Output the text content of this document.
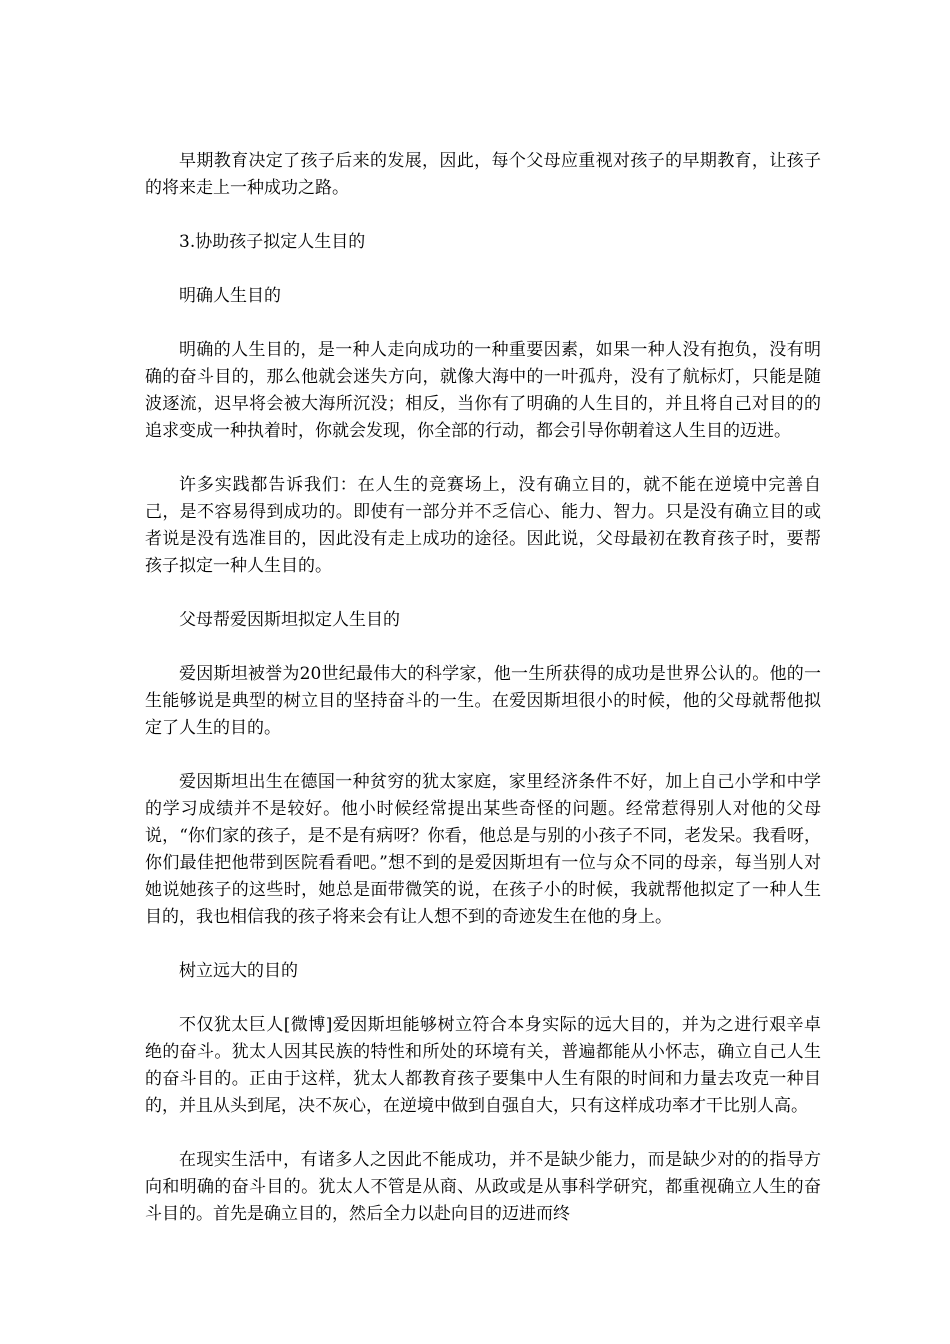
早期教育决定了孩子后来的发展，因此，每个父母应重视对孩子的早期教育，让孩子的将来走上一种成功之路。

3.协助孩子拟定人生目的

明确人生目的

明确的人生目的，是一种人走向成功的一种重要因素，如果一种人没有抱负，没有明确的奋斗目的，那么他就会迷失方向，就像大海中的一叶孤舟，没有了航标灯，只能是随波逐流，迟早将会被大海所沉没；相反，当你有了明确的人生目的，并且将自己对目的的追求变成一种执着时，你就会发现，你全部的行动，都会引导你朝着这人生目的迈进。

许多实践都告诉我们：在人生的竞赛场上，没有确立目的，就不能在逆境中完善自己，是不容易得到成功的。即使有一部分并不乏信心、能力、智力。只是没有确立目的或者说是没有选准目的，因此没有走上成功的途径。因此说，父母最初在教育孩子时，要帮孩子拟定一种人生目的。

父母帮爱因斯坦拟定人生目的

爱因斯坦被誉为20世纪最伟大的科学家，他一生所获得的成功是世界公认的。他的一生能够说是典型的树立目的坚持奋斗的一生。在爱因斯坦很小的时候，他的父母就帮他拟定了人生的目的。

爱因斯坦出生在德国一种贫穷的犹太家庭，家里经济条件不好，加上自己小学和中学的学习成绩并不是较好。他小时候经常提出某些奇怪的问题。经常惹得别人对他的父母说，“你们家的孩子，是不是有病呀？你看，他总是与别的小孩子不同，老发呆。我看呀，你们最佳把他带到医院看看吧。”想不到的是爱因斯坦有一位与众不同的母亲，每当别人对她说她孩子的这些时，她总是面带微笑的说，在孩子小的时候，我就帮他拟定了一种人生目的，我也相信我的孩子将来会有让人想不到的奇迹发生在他的身上。

树立远大的目的

不仅犹太巨人[微博]爱因斯坦能够树立符合本身实际的远大目的，并为之进行艰辛卓绝的奋斗。犹太人因其民族的特性和所处的环境有关，普遍都能从小怀志，确立自己人生的奋斗目的。正由于这样，犹太人都教育孩子要集中人生有限的时间和力量去攻克一种目的，并且从头到尾，决不灰心，在逆境中做到自强自大，只有这样成功率才干比别人高。

在现实生活中，有诸多人之因此不能成功，并不是缺少能力，而是缺少对的的指导方向和明确的奋斗目的。犹太人不管是从商、从政或是从事科学研究，都重视确立人生的奋斗目的。首先是确立目的，然后全力以赴向目的迈进而终
